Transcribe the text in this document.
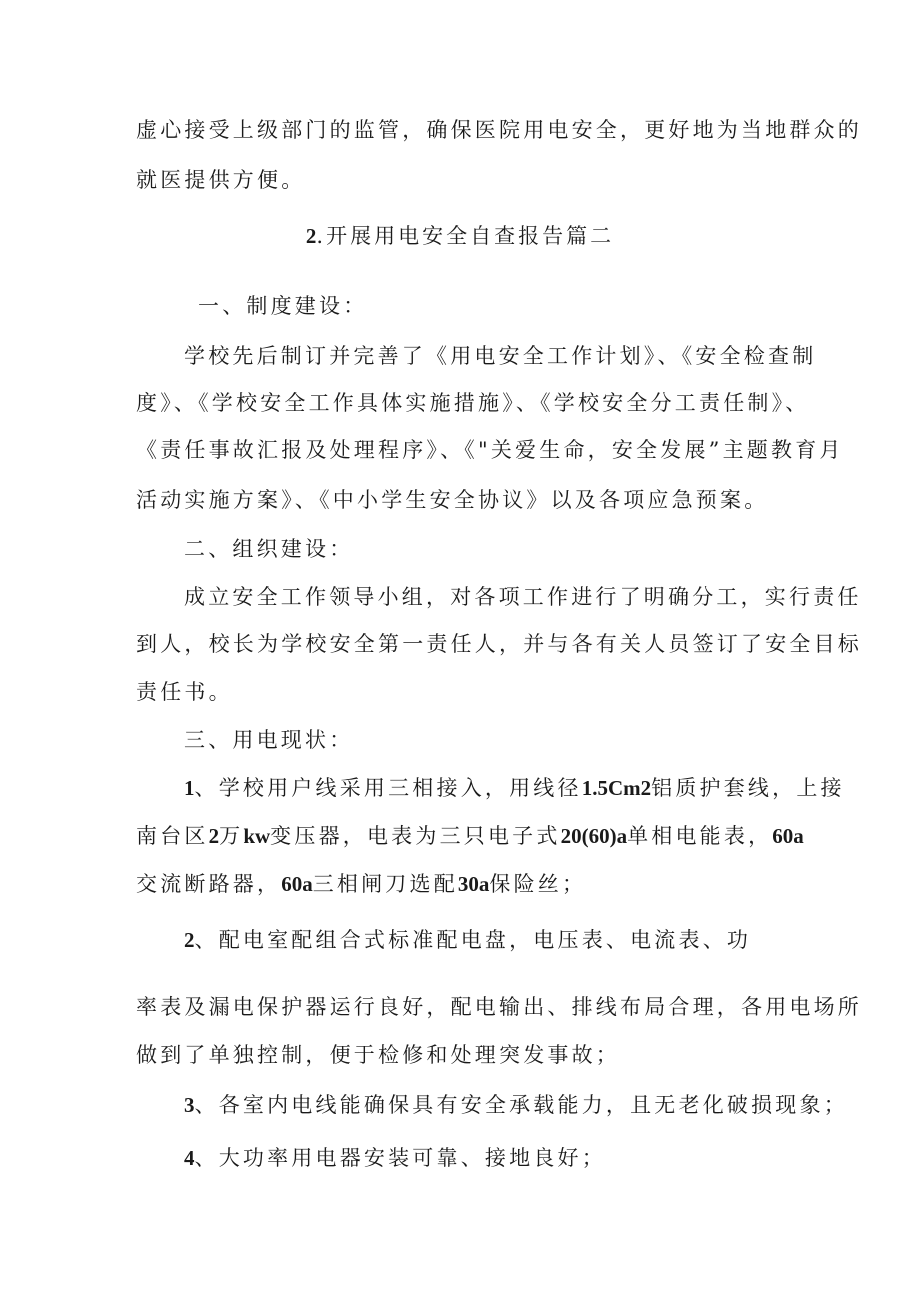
虚心接受上级部门的监管，确保医院用电安全，更好地为当地群众的
就医提供方便。
2.开展用电安全自查报告篇二
一、制度建设：
学校先后制订并完善了《用电安全工作计划》、《安全检查制
度》、《学校安全工作具体实施措施》、《学校安全分工责任制》、
《责任事故汇报及处理程序》、《"关爱生命，安全发展”主题教育月
活动实施方案》、《中小学生安全协议》以及各项应急预案。
二、组织建设：
成立安全工作领导小组，对各项工作进行了明确分工，实行责任
到人，校长为学校安全第一责任人，并与各有关人员签订了安全目标
责任书。
三、用电现状：
1、学校用户线采用三相接入，用线径1.5Cm2铝质护套线，上接
南台区2万kw变压器，电表为三只电子式20(60)a单相电能表，60a
交流断路器，60a三相闸刀选配30a保险丝；
2、配电室配组合式标准配电盘，电压表、电流表、功
率表及漏电保护器运行良好，配电输出、排线布局合理，各用电场所
做到了单独控制，便于检修和处理突发事故；
3、各室内电线能确保具有安全承载能力，且无老化破损现象；
4、大功率用电器安装可靠、接地良好；
